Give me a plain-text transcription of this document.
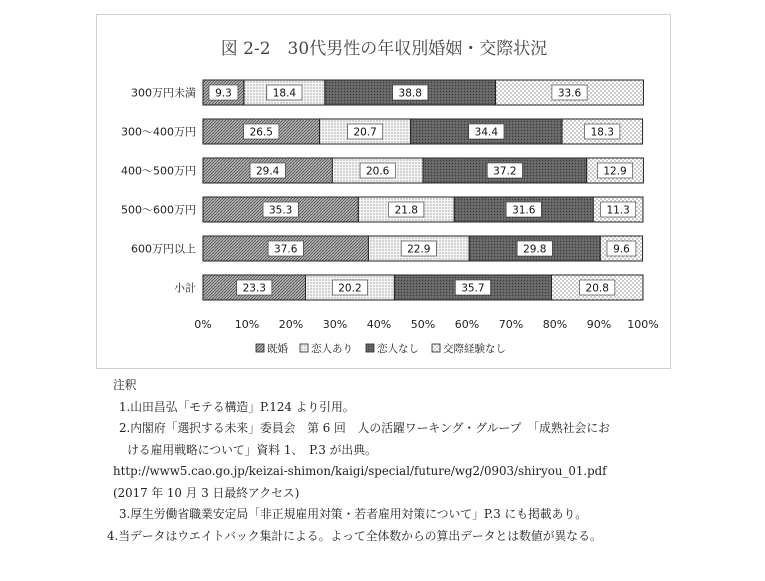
図 2-2　30代男性の年収別婚姻・交際状況
300万円未満 9.3	18.4	38.8	33.6
300～400万円	26.5	20.7	34.4	18.3
400～500万円	29.4	20.6	37.2	12.9
500～600万円	35.3	21.8	31.6	11.3
600万円以上	37.6	22.9	29.8	9.6
小計	23.3	20.2	35.7	20.8
0% 10% 20% 30% 40% 50% 60% 70% 80% 90% 100%
既婚 恋人あり 恋人なし 交際経験なし
注釈
1.山田昌弘「モテる構造」P.124 より引用。
2.内閣府「選択する未来」委員会　第 6 回　人の活躍ワーキング・グループ　「成熟社会にお
ける雇用戦略について」資料 1、　P.3 が出典。
http://www5.cao.go.jp/keizai-shimon/kaigi/special/future/wg2/0903/shiryou_01.pdf
(2017 年 10 月 3 日最終アクセス)
3.厚生労働省職業安定局「非正規雇用対策・若者雇用対策について」P.3 にも掲載あり。
4.当データはウエイトバック集計による。よって全体数からの算出データとは数値が異なる。
